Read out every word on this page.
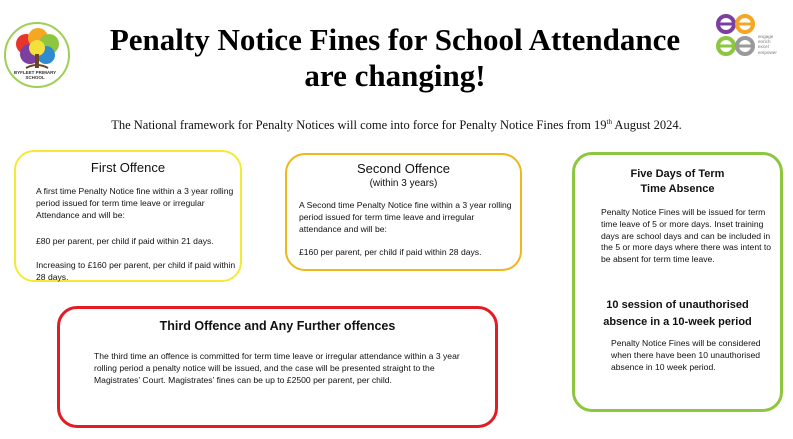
BYFLEET PRIMARY SCHOOL
engage
enrich
excel
empower
Penalty Notice Fines for School Attendance
are changing!
The National framework for Penalty Notices will come into force for Penalty Notice Fines from 19th August 2024.

First Offence

A first time Penalty Notice fine within a 3 year rolling period issued for term time leave or irregular Attendance and will be:

£80 per parent, per child if paid within 21 days.

Increasing to £160 per parent, per child if paid within 28 days.

Second Offence

(within 3 years)

A Second time Penalty Notice fine within a 3 year rolling period issued for term time leave and irregular attendance and will be:

£160 per parent, per child if paid within 28 days.

Five Days of Term
Time Absence

Penalty Notice Fines will be issued for term time leave of 5 or more days. Inset training days are school days and can be included in the 5 or more days where there was intent to be absent for term time leave.

10 session of unauthorised
absence in a 10-week period

Penalty Notice Fines will be considered when there have been 10 unauthorised absence in 10 week period.

Third Offence and Any Further offences

The third time an offence is committed for term time leave or irregular attendance within a 3 year rolling period a penalty notice will be issued, and the case will be presented straight to the Magistrates’ Court. Magistrates’ fines can be up to £2500 per parent, per child.
